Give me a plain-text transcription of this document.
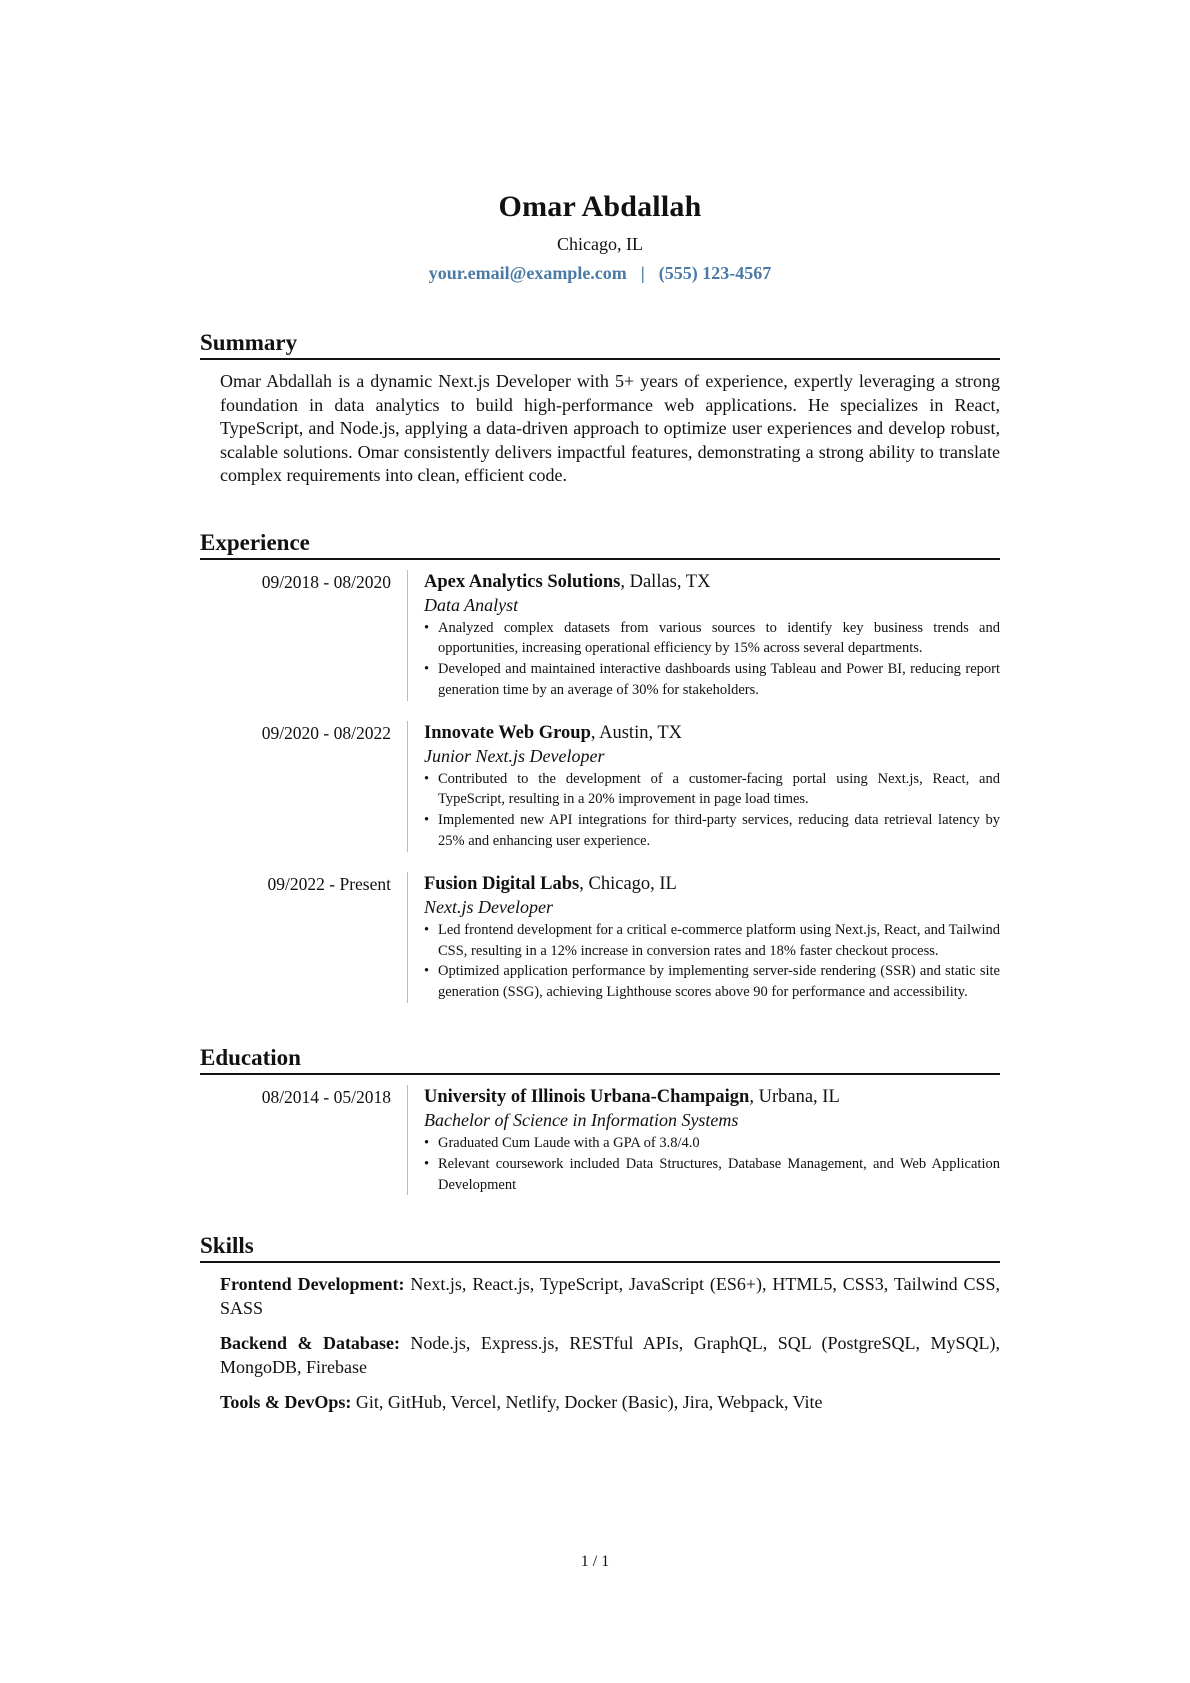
Omar Abdallah
Chicago, IL
your.email@example.com | (555) 123-4567
Summary
Omar Abdallah is a dynamic Next.js Developer with 5+ years of experience, expertly leveraging a strong foundation in data analytics to build high-performance web applications. He specializes in React, TypeScript, and Node.js, applying a data-driven approach to optimize user experiences and develop robust, scalable solutions. Omar consistently delivers impactful features, demonstrating a strong ability to translate complex requirements into clean, efficient code.
Experience
09/2018 - 08/2020	Apex Analytics Solutions, Dallas, TX
Data Analyst
• Analyzed complex datasets from various sources to identify key business trends and opportunities, increasing operational efficiency by 15% across several departments.
• Developed and maintained interactive dashboards using Tableau and Power BI, reducing report generation time by an average of 30% for stakeholders.
09/2020 - 08/2022	Innovate Web Group, Austin, TX
Junior Next.js Developer
• Contributed to the development of a customer-facing portal using Next.js, React, and TypeScript, resulting in a 20% improvement in page load times.
• Implemented new API integrations for third-party services, reducing data retrieval latency by 25% and enhancing user experience.
09/2022 - Present	Fusion Digital Labs, Chicago, IL
Next.js Developer
• Led frontend development for a critical e-commerce platform using Next.js, React, and Tailwind CSS, resulting in a 12% increase in conversion rates and 18% faster checkout process.
• Optimized application performance by implementing server-side rendering (SSR) and static site generation (SSG), achieving Lighthouse scores above 90 for performance and accessibility.
Education
08/2014 - 05/2018	University of Illinois Urbana-Champaign, Urbana, IL
Bachelor of Science in Information Systems
• Graduated Cum Laude with a GPA of 3.8/4.0
• Relevant coursework included Data Structures, Database Management, and Web Application Development
Skills
Frontend Development: Next.js, React.js, TypeScript, JavaScript (ES6+), HTML5, CSS3, Tailwind CSS, SASS
Backend & Database: Node.js, Express.js, RESTful APIs, GraphQL, SQL (PostgreSQL, MySQL), MongoDB, Firebase
Tools & DevOps: Git, GitHub, Vercel, Netlify, Docker (Basic), Jira, Webpack, Vite
1 / 1
